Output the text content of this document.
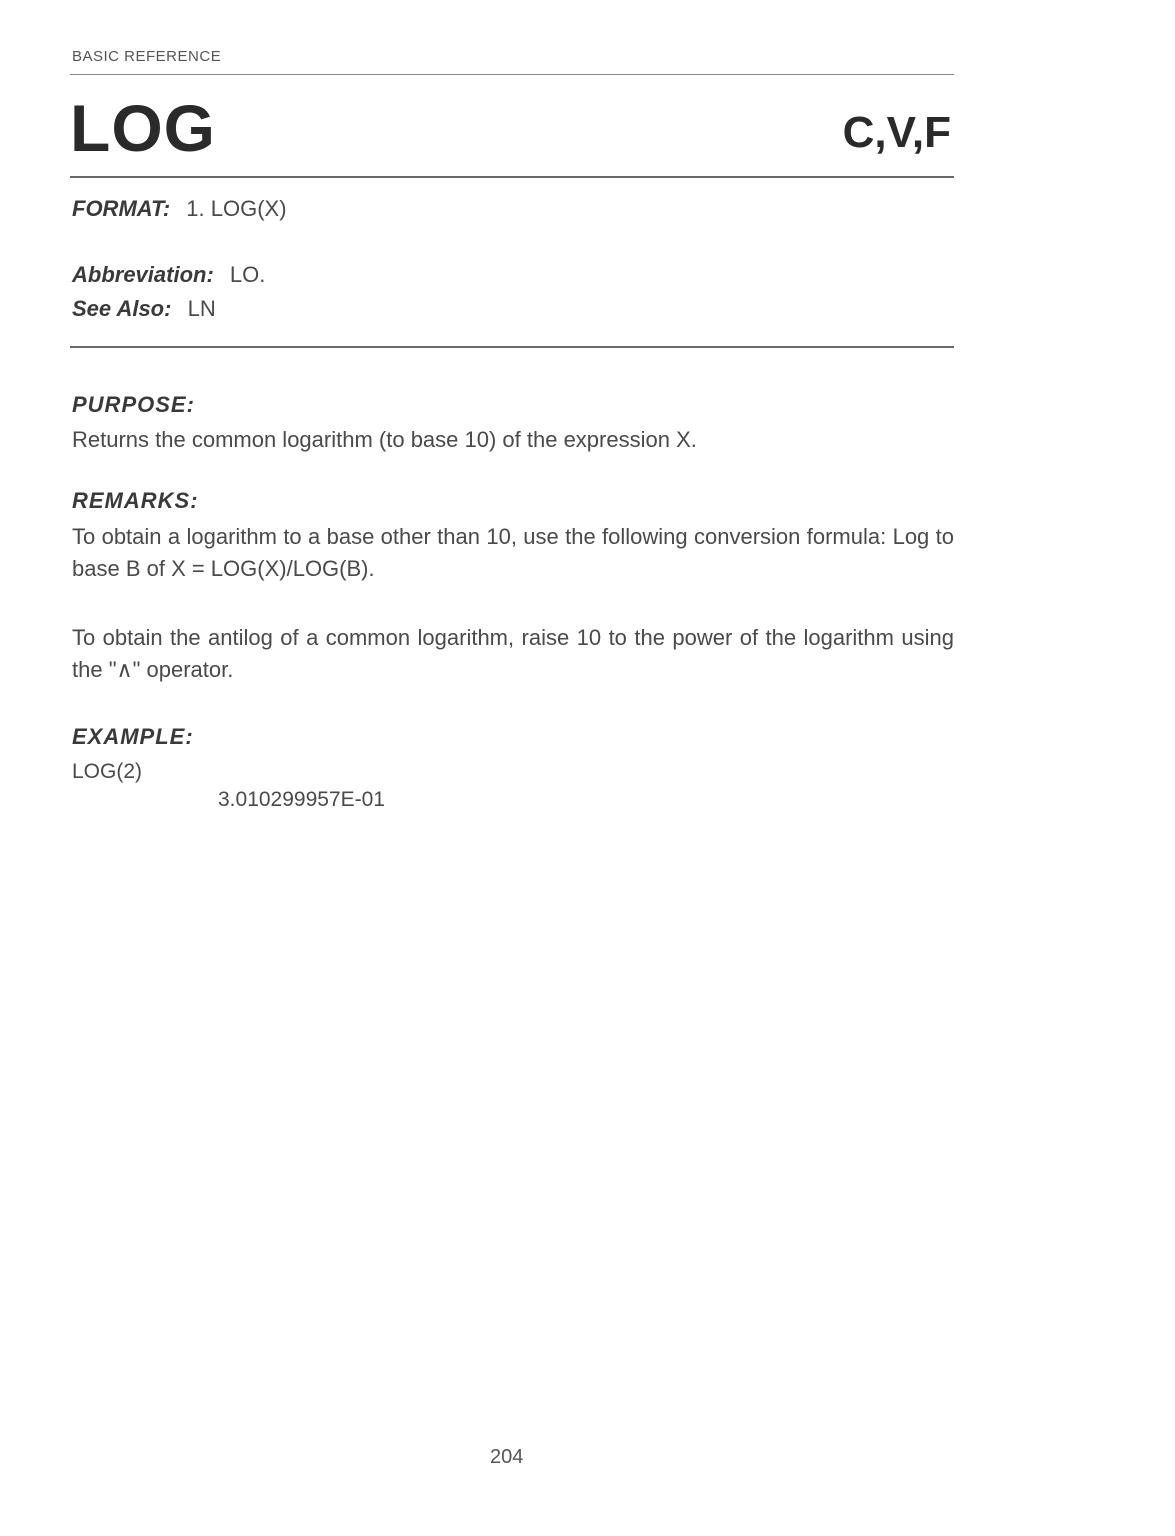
BASIC REFERENCE
LOG	C,V,F
FORMAT: 1. LOG(X)
Abbreviation: LO.
See Also: LN
PURPOSE:
Returns the common logarithm (to base 10) of the expression X.
REMARKS:
To obtain a logarithm to a base other than 10, use the following conversion formula: Log to base B of X = LOG(X)/LOG(B).
To obtain the antilog of a common logarithm, raise 10 to the power of the logarithm using the "∧" operator.
EXAMPLE:
LOG(2)
3.010299957E-01
204
